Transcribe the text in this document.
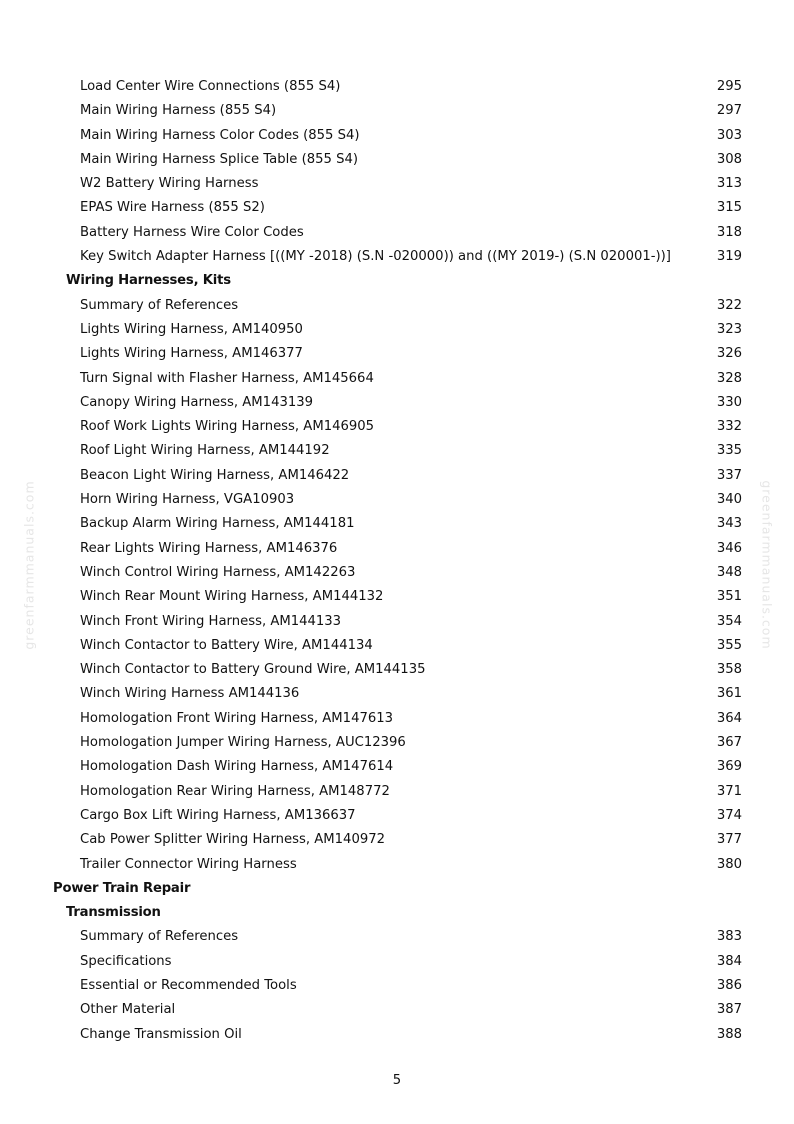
greenfarmmanuals.com	greenfarmmanuals.com
Load Center Wire Connections (855 S4)	295
Main Wiring Harness (855 S4)	297
Main Wiring Harness Color Codes (855 S4)	303
Main Wiring Harness Splice Table (855 S4)	308
W2 Battery Wiring Harness	313
EPAS Wire Harness (855 S2)	315
Battery Harness Wire Color Codes	318
Key Switch Adapter Harness [((MY -2018) (S.N -020000)) and ((MY 2019-) (S.N 020001-))]	319
Wiring Harnesses, Kits
Summary of References	322
Lights Wiring Harness, AM140950	323
Lights Wiring Harness, AM146377	326
Turn Signal with Flasher Harness, AM145664	328
Canopy Wiring Harness, AM143139	330
Roof Work Lights Wiring Harness, AM146905	332
Roof Light Wiring Harness, AM144192	335
Beacon Light Wiring Harness, AM146422	337
Horn Wiring Harness, VGA10903	340
Backup Alarm Wiring Harness, AM144181	343
Rear Lights Wiring Harness, AM146376	346
Winch Control Wiring Harness, AM142263	348
Winch Rear Mount Wiring Harness, AM144132	351
Winch Front Wiring Harness, AM144133	354
Winch Contactor to Battery Wire, AM144134	355
Winch Contactor to Battery Ground Wire, AM144135	358
Winch Wiring Harness AM144136	361
Homologation Front Wiring Harness, AM147613	364
Homologation Jumper Wiring Harness, AUC12396	367
Homologation Dash Wiring Harness, AM147614	369
Homologation Rear Wiring Harness, AM148772	371
Cargo Box Lift Wiring Harness, AM136637	374
Cab Power Splitter Wiring Harness, AM140972	377
Trailer Connector Wiring Harness	380
Power Train Repair
Transmission
Summary of References	383
Specifications	384
Essential or Recommended Tools	386
Other Material	387
Change Transmission Oil	388
5
